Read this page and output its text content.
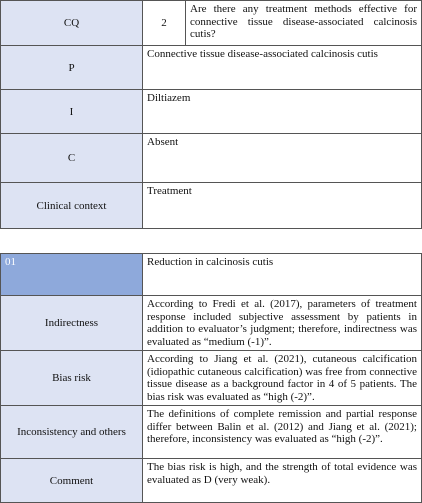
CQ	2	Are there any treatment methods effective for connective tissue disease-associated calcinosis cutis?
P	Connective tissue disease-associated calcinosis cutis	
I	Diltiazem	
C	Absent	
Clinical context	Treatment	
01	Reduction in calcinosis cutis
Indirectness	According to Fredi et al. (2017), parameters of treatment response included subjective assessment by patients in addition to evaluator’s judgment; therefore, indirectness was evaluated as “medium (-1)”.
Bias risk	According to Jiang et al. (2021), cutaneous calcification (idiopathic cutaneous calcification) was free from connective tissue disease as a background factor in 4 of 5 patients. The bias risk was evaluated as “high (-2)”.
Inconsistency and others	The definitions of complete remission and partial response differ between Balin et al. (2012) and Jiang et al. (2021); therefore, inconsistency was evaluated as “high (-2)”.
Comment	The bias risk is high, and the strength of total evidence was evaluated as D (very weak).
